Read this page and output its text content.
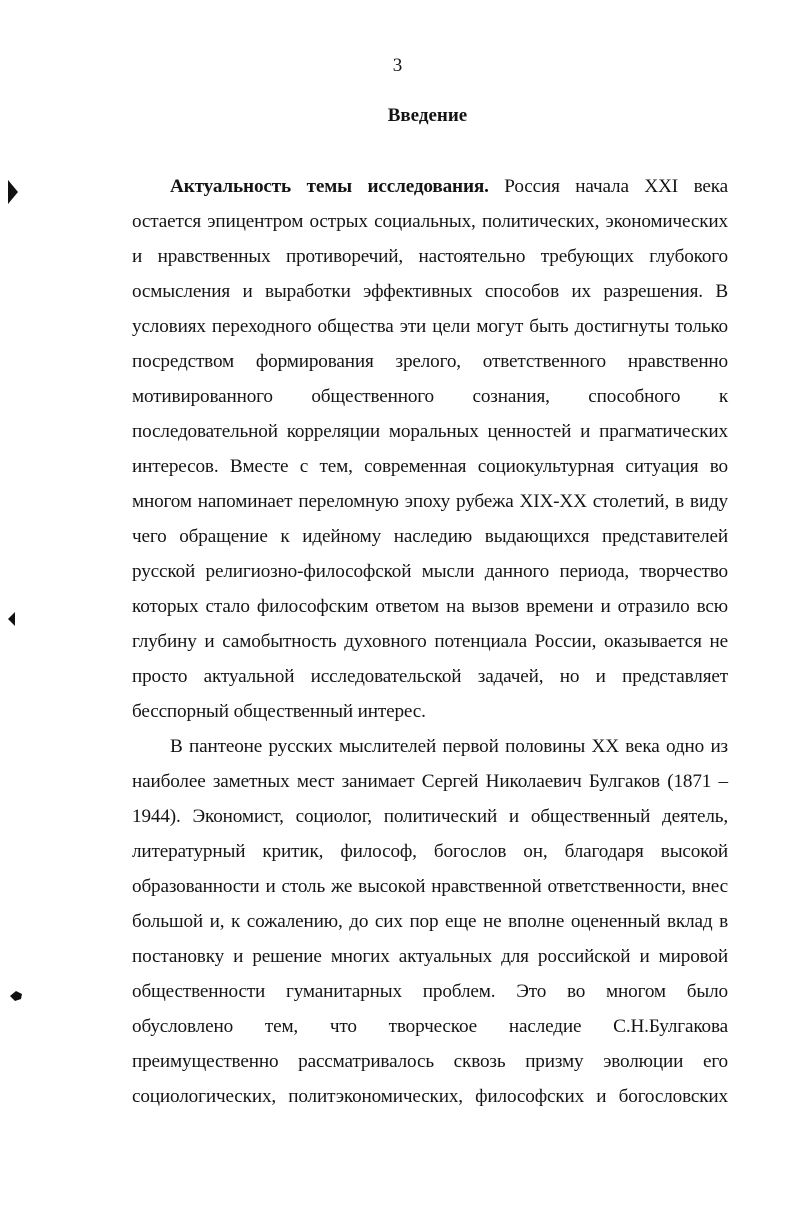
3
Введение
Актуальность темы исследования. Россия начала XXI века
остается эпицентром острых социальных, политических, экономических
и нравственных противоречий, настоятельно требующих глубокого
осмысления и выработки эффективных способов их разрешения. В
условиях переходного общества эти цели могут быть достигнуты только
посредством формирования зрелого, ответственного нравственно
мотивированного общественного сознания, способного к
последовательной корреляции моральных ценностей и прагматических
интересов. Вместе с тем, современная социокультурная ситуация во
многом напоминает переломную эпоху рубежа XIX-XX столетий, в виду
чего обращение к идейному наследию выдающихся представителей
русской религиозно-философской мысли данного периода, творчество
которых стало философским ответом на вызов времени и отразило всю
глубину и самобытность духовного потенциала России, оказывается не
просто актуальной исследовательской задачей, но и представляет
бесспорный общественный интерес.
В пантеоне русских мыслителей первой половины XX века одно из
наиболее заметных мест занимает Сергей Николаевич Булгаков (1871 –
1944). Экономист, социолог, политический и общественный деятель,
литературный критик, философ, богослов он, благодаря высокой
образованности и столь же высокой нравственной ответственности, внес
большой и, к сожалению, до сих пор еще не вполне оцененный вклад в
постановку и решение многих актуальных для российской и мировой
общественности гуманитарных проблем. Это во многом было
обусловлено тем, что творческое наследие С.Н.Булгакова
преимущественно рассматривалось сквозь призму эволюции его
социологических, политэкономических, философских и богословских
